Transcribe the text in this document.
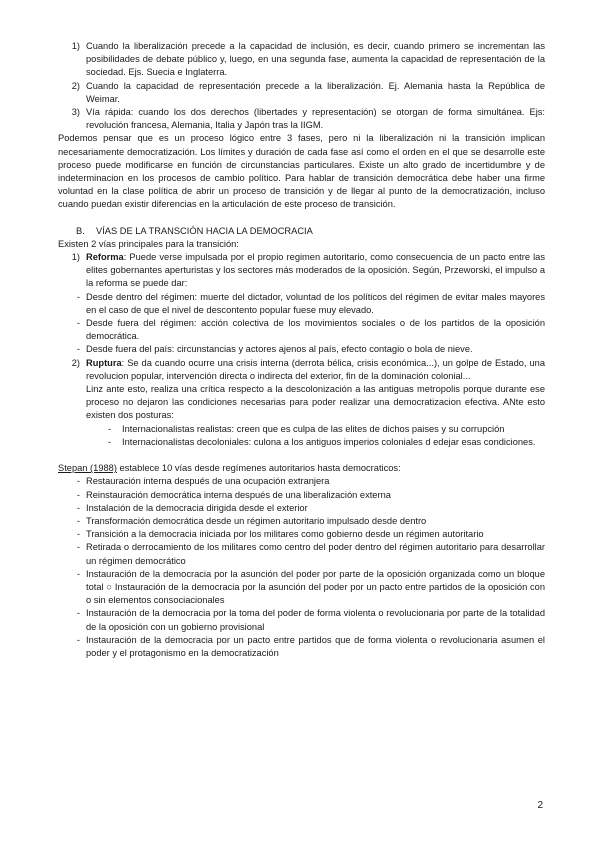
1) Cuando la liberalización precede a la capacidad de inclusión, es decir, cuando primero se incrementan las posibilidades de debate público y, luego, en una segunda fase, aumenta la capacidad de representación de la sociedad. Ejs. Suecia e Inglaterra.
2) Cuando la capacidad de representación precede a la liberalización. Ej. Alemania hasta la República de Weimar.
3) Vía rápida: cuando los dos derechos (libertades y representación) se otorgan de forma simultánea. Ejs: revolución francesa, Alemania, Italia y Japón tras la IIGM.
Podemos pensar que es un proceso lógico entre 3 fases, pero ni la liberalización ni la transición implican necesariamente democratización. Los límites y duración de cada fase así como el orden en el que se desarrolle este proceso puede modificarse en función de circunstancias particulares. Existe un alto grado de incertidumbre y de indeterminacion en los procesos de cambio político. Para hablar de transición democrática debe haber una firme voluntad en la clase política de abrir un proceso de transición y de llegar al punto de la democratización, incluso cuando puedan existir diferencias en la articulación de este proceso de transición.
B. VÍAS DE LA TRANSCIÓN HACIA LA DEMOCRACIA
Existen 2 vías principales para la transición:
1) Reforma: Puede verse impulsada por el propio regimen autoritario, como consecuencia de un pacto entre las elites gobernantes aperturistas y los sectores más moderados de la oposición. Según, Przeworski, el impulso a la reforma se puede dar:
- Desde dentro del régimen: muerte del dictador, voluntad de los políticos del régimen de evitar males mayores en el caso de que el nivel de descontento popular fuese muy elevado.
- Desde fuera del régimen: acción colectiva de los movimientos sociales o de los partidos de la oposición democrática.
- Desde fuera del país: circunstancias y actores ajenos al país, efecto contagio o bola de nieve.
2) Ruptura: Se da cuando ocurre una crisis interna (derrota bélica, crisis económica...), un golpe de Estado, una revolucion popular, intervención directa o indirecta del exterior, fin de la dominación colonial...
Linz ante esto, realiza una crítica respecto a la descolonización a las antiguas metropolis porque durante ese proceso no dejaron las condiciones necesarias para poder realizar una democratizacion efectiva. ANte esto existen dos posturas:
-	Internacionalistas realistas: creen que es culpa de las elites de dichos paises y su corrupción
-	Internacionalistas decoloniales: culona a los antiguos imperios coloniales d edejar esas condiciones.
Stepan (1988) establece 10 vías desde regímenes autoritarios hasta democraticos:
- Restauración interna después de una ocupación extranjera
- Reinstauración democrática interna después de una liberalización externa
- Instalación de la democracia dirigida desde el exterior
- Transformación democrática desde un régimen autoritario impulsado desde dentro
- Transición a la democracia iniciada por los militares como gobierno desde un régimen autoritario
- Retirada o derrocamiento de los militares como centro del poder dentro del régimen autoritario para desarrollar un régimen democrático
- Instauración de la democracia por la asunción del poder por parte de la oposición organizada como un bloque total ○ Instauración de la democracia por la asunción del poder por un pacto entre partidos de la oposición con o sin elementos consociacionales
- Instauración de la democracia por la toma del poder de forma violenta o revolucionaria por parte de la totalidad de la oposición con un gobierno provisional
- Instauración de la democracia por un pacto entre partidos que de forma violenta o revolucionaria asumen el poder y el protagonismo en la democratización
2
